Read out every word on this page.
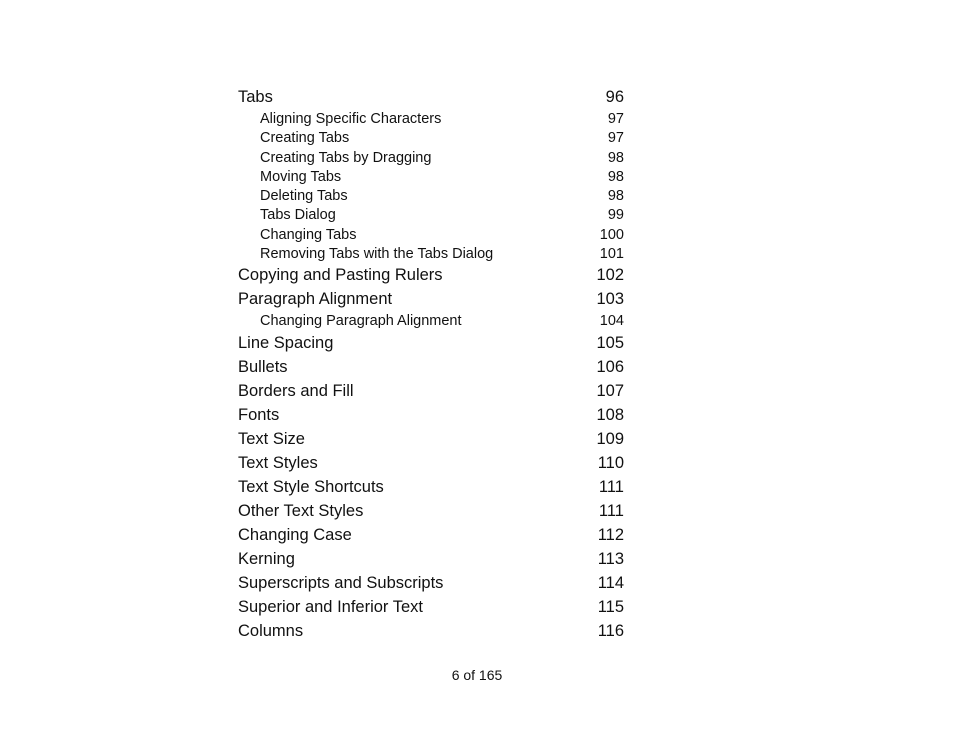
Tabs	96
Aligning Specific Characters	97
Creating Tabs	97
Creating Tabs by Dragging	98
Moving Tabs	98
Deleting Tabs	98
Tabs Dialog	99
Changing Tabs	100
Removing Tabs with the Tabs Dialog	101
Copying and Pasting Rulers	102
Paragraph Alignment	103
Changing Paragraph Alignment	104
Line Spacing	105
Bullets	106
Borders and Fill	107
Fonts	108
Text Size	109
Text Styles	110
Text Style Shortcuts	111
Other Text Styles	111
Changing Case	112
Kerning	113
Superscripts and Subscripts	114
Superior and Inferior Text	115
Columns	116
6 of 165
